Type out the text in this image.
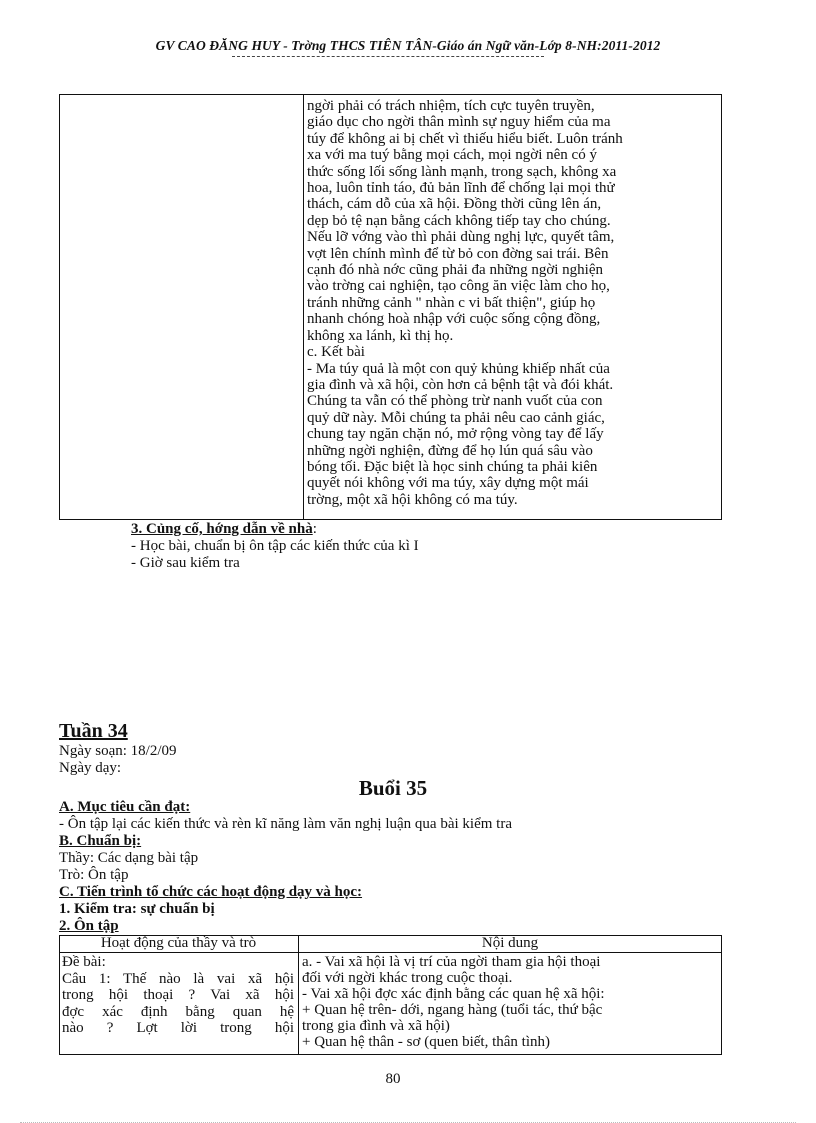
GV CAO ĐĂNG HUY - Trờng THCS TIÊN TÂN-Giáo án Ngữ văn-Lớp 8-NH:2011-2012

ngời phải có trách nhiệm, tích cực tuyên truyền,

giáo dục cho ngời thân mình sự nguy hiểm của ma

túy để không ai bị chết vì thiếu hiểu biết. Luôn tránh

xa với ma tuý bằng mọi cách, mọi ngời nên có ý

thức sống lối sống lành mạnh, trong sạch, không xa

hoa, luôn tỉnh táo, đủ bản lĩnh để chống lại mọi thử

thách, cám dỗ của xã hội. Đồng thời cũng lên án,

dẹp bỏ tệ nạn bằng cách không tiếp tay cho chúng.

Nếu lỡ vớng vào thì phải dùng nghị lực, quyết tâm,

vợt lên chính mình để từ bỏ con đờng sai trái. Bên

cạnh đó nhà nớc cũng phải đa những ngời nghiện

vào trờng cai nghiện, tạo công ăn việc làm cho họ,

tránh những cảnh " nhàn c vi bất thiện", giúp họ

nhanh chóng hoà nhập với cuộc sống cộng đồng,

không xa lánh, kì thị họ.

c. Kết bài

- Ma túy quả là một con quỷ khủng khiếp nhất của

gia đình và xã hội, còn hơn cả bệnh tật và đói khát.

Chúng ta vẫn có thể phòng trừ nanh vuốt của con

quỷ dữ này. Mỗi chúng ta phải nêu cao cảnh giác,

chung tay ngăn chặn nó, mở rộng vòng tay để lấy

những ngời nghiện, đừng để họ lún quá sâu vào

bóng tối. Đặc biệt là học sinh chúng ta phải kiên

quyết nói không với ma túy, xây dựng một mái

trờng, một xã hội không có ma túy.

3. Củng cố, hớng dẫn về nhà:
- Học bài, chuẩn bị ôn tập các kiến thức của kì I
- Giờ sau kiểm tra
Tuần 34
Ngày soạn: 18/2/09
Ngày dạy:
Buổi 35
A. Mục tiêu cần đạt:
- Ôn tập lại các kiến thức và rèn kĩ năng làm văn nghị luận qua bài kiểm tra
B. Chuẩn bị:
Thầy: Các dạng bài tập
Trò: Ôn tập
C. Tiến trình tổ chức các hoạt động dạy và học:
1. Kiểm tra: sự chuẩn bị
2. Ôn tập
Hoạt động của thầy và trò	Nội dung

Đề bài:

Câu 1: Thế nào là vai xã hội

trong hội thoại ? Vai xã hội

đợc xác định bằng quan hệ

nào ? Lợt lời trong hội

a. - Vai xã hội là vị trí của ngời tham gia hội thoại

đối với ngời khác trong cuộc thoại.

- Vai xã hội đợc xác định bằng các quan hệ xã hội:

+ Quan hệ trên- dới, ngang hàng (tuổi tác, thứ bậc

trong gia đình và xã hội)

+ Quan hệ thân - sơ (quen biết, thân tình)

80
